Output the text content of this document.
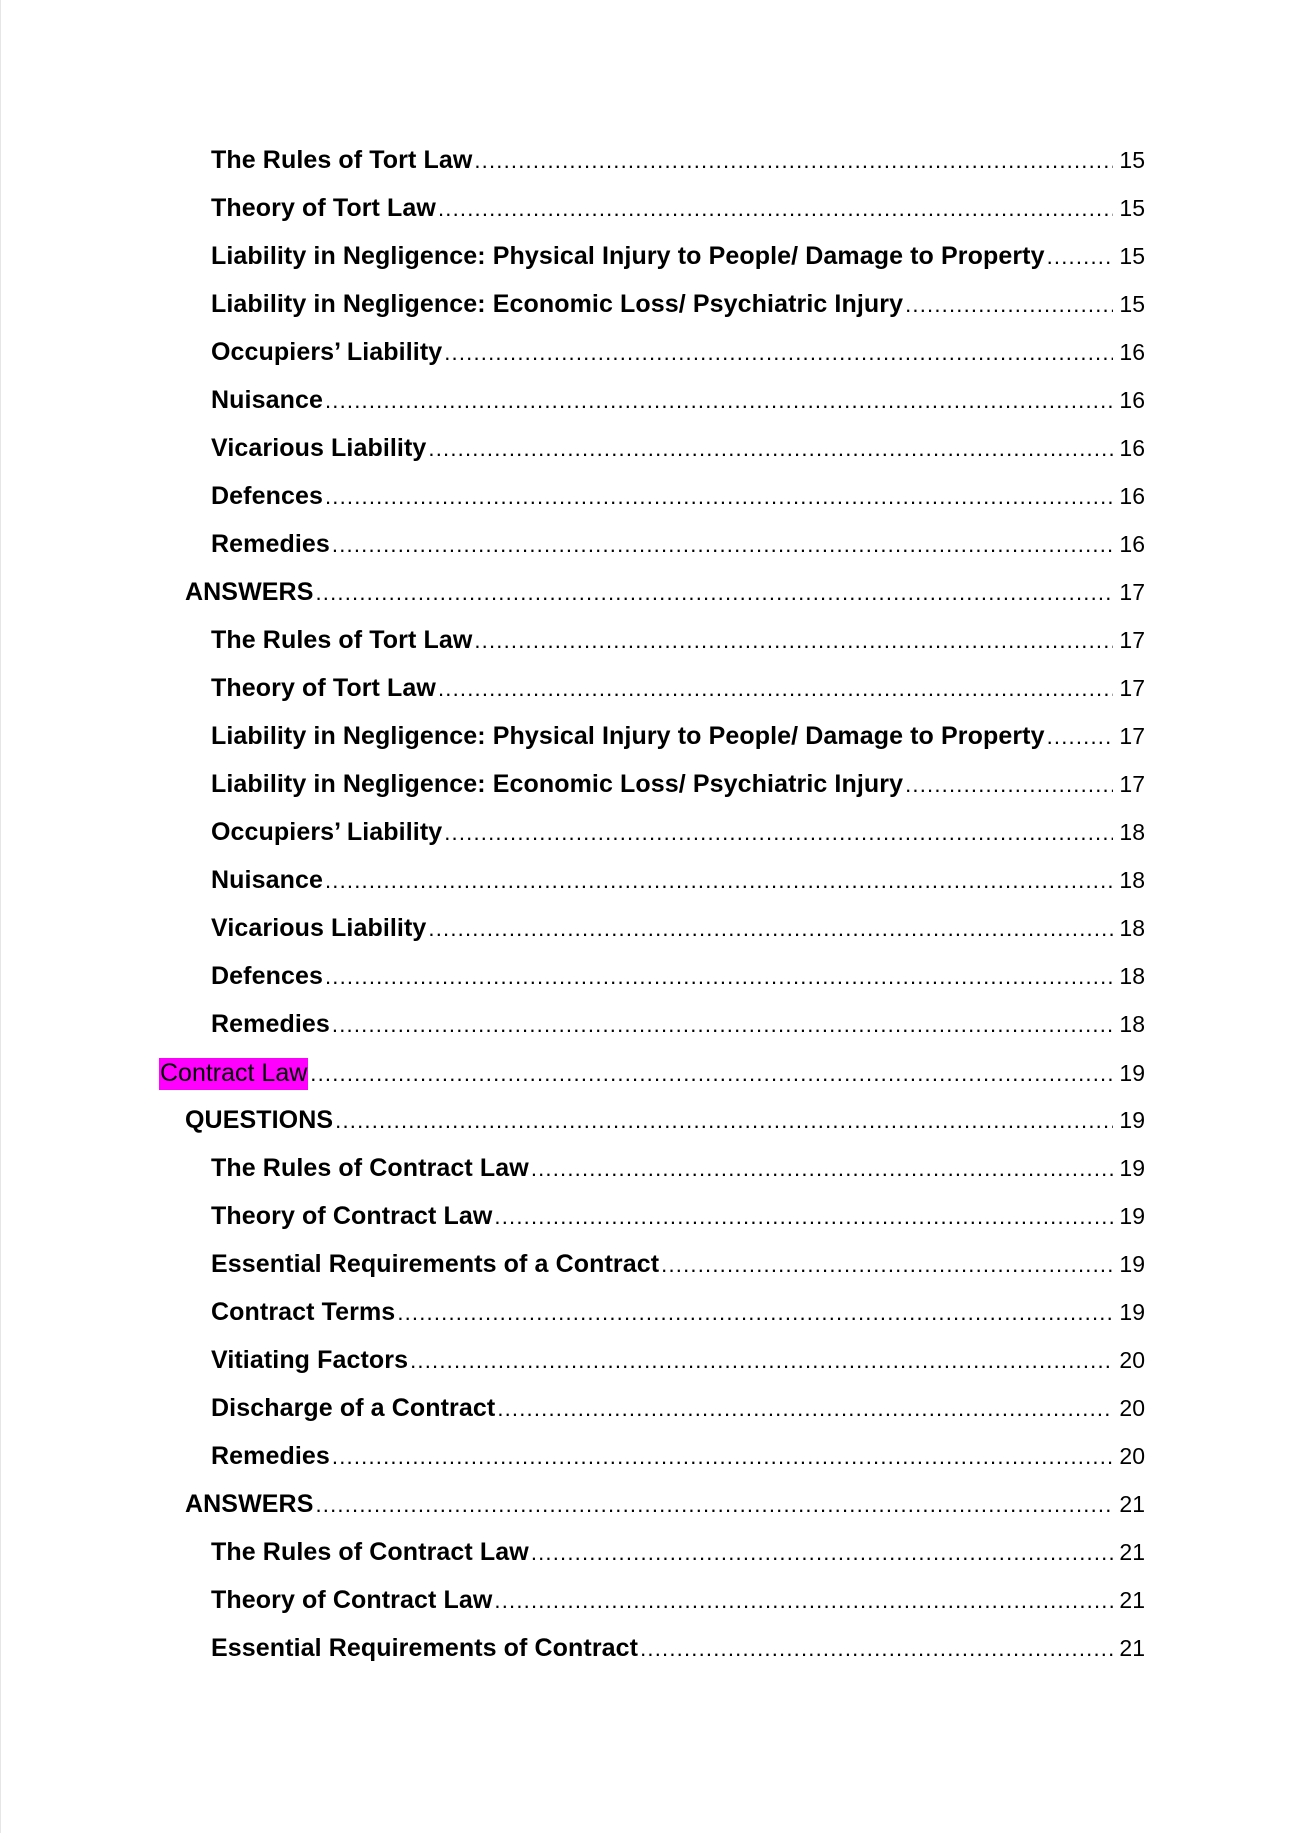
The Rules of Tort Law .....	15
Theory of Tort Law .....	15
Liability in Negligence: Physical Injury to People/ Damage to Property .....	15
Liability in Negligence: Economic Loss/ Psychiatric Injury .....	15
Occupiers’ Liability .....	16
Nuisance .....	16
Vicarious Liability .....	16
Defences .....	16
Remedies .....	16
ANSWERS .....	17
The Rules of Tort Law .....	17
Theory of Tort Law .....	17
Liability in Negligence: Physical Injury to People/ Damage to Property .....	17
Liability in Negligence: Economic Loss/ Psychiatric Injury .....	17
Occupiers’ Liability .....	18
Nuisance .....	18
Vicarious Liability .....	18
Defences .....	18
Remedies .....	18
Contract Law .....	19
QUESTIONS .....	19
The Rules of Contract Law .....	19
Theory of Contract Law .....	19
Essential Requirements of a Contract .....	19
Contract Terms .....	19
Vitiating Factors .....	20
Discharge of a Contract .....	20
Remedies .....	20
ANSWERS .....	21
The Rules of Contract Law .....	21
Theory of Contract Law .....	21
Essential Requirements of Contract .....	21
